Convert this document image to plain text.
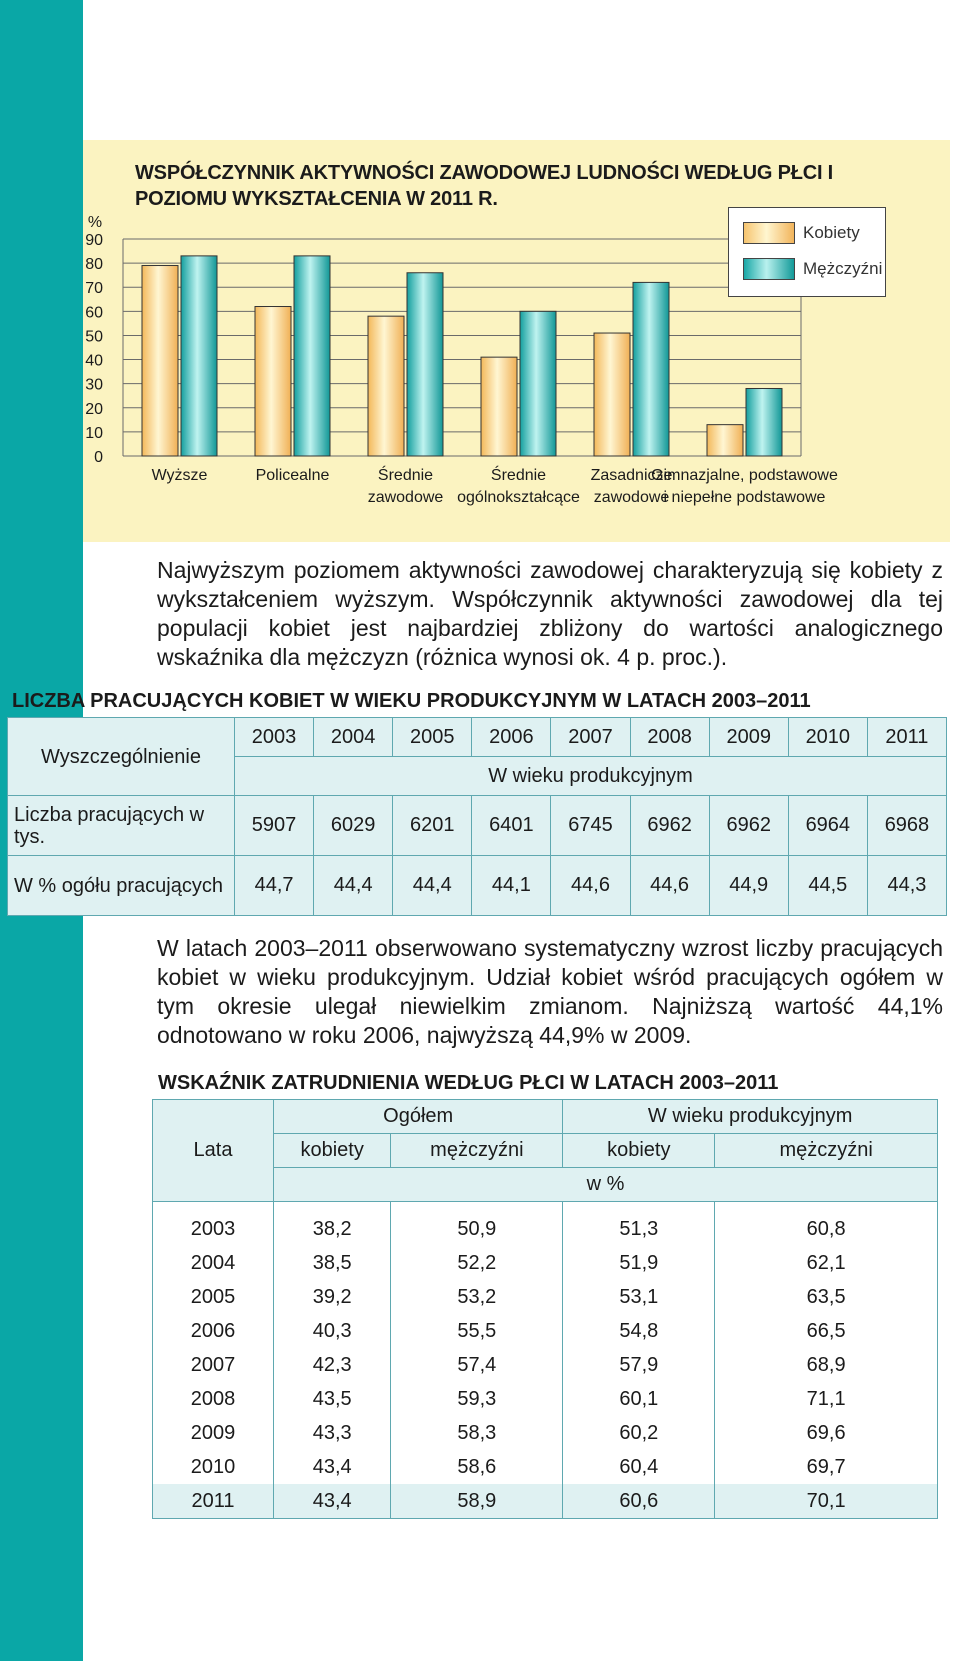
WSPÓŁCZYNNIK AKTYWNOŚCI ZAWODOWEJ LUDNOŚCI WEDŁUG PŁCI I POZIOMU WYKSZTAŁCENIA W 2011 R.
0
10
20
30
40
50
60
70
80
90
%
Wyższe	Policealne	Średnie
zawodowe
Średnie
ogólnokształcące
Zasadnicze
zawodowe
Gimnazjalne, podstawowe
i niepełne podstawowe
Kobiety
Mężczyźni

Najwyższym poziomem aktywności zawodowej charakteryzują się kobiety z wykształceniem wyższym. Współczynnik aktywności zawodowej dla tej populacji kobiet jest najbardziej zbliżony do wartości analogicznego wskaźnika dla mężczyzn (różnica wynosi ok. 4 p. proc.).

LICZBA PRACUJĄCYCH KOBIET W WIEKU PRODUKCYJNYM W LATACH 2003–2011
Wyszczególnienie	2003	2004	2005	2006	2007	2008	2009	2010	2011
	W wieku produkcyjnym								
Liczba pracujących w tys.	5907	6029	6201	6401	6745	6962	6962	6964	6968
W % ogółu pracujących	44,7	44,4	44,4	44,1	44,6	44,6	44,9	44,5	44,3

W latach 2003–2011 obserwowano systematyczny wzrost liczby pracujących kobiet w wieku produkcyjnym. Udział kobiet wśród pracujących ogółem w tym okresie ulegał niewielkim zmianom. Najniższą wartość 44,1% odnotowano w roku 2006, najwyższą 44,9% w 2009.

WSKAŹNIK ZATRUDNIENIA WEDŁUG PŁCI W LATACH 2003–2011
Lata	Ogółem		W wieku produkcyjnym	
	kobiety	mężczyźni	kobiety	mężczyźni
	w %			
2003	38,2	50,9	51,3	60,8
2004	38,5	52,2	51,9	62,1
2005	39,2	53,2	53,1	63,5
2006	40,3	55,5	54,8	66,5
2007	42,3	57,4	57,9	68,9
2008	43,5	59,3	60,1	71,1
2009	43,3	58,3	60,2	69,6
2010	43,4	58,6	60,4	69,7
2011	43,4	58,9	60,6	70,1
